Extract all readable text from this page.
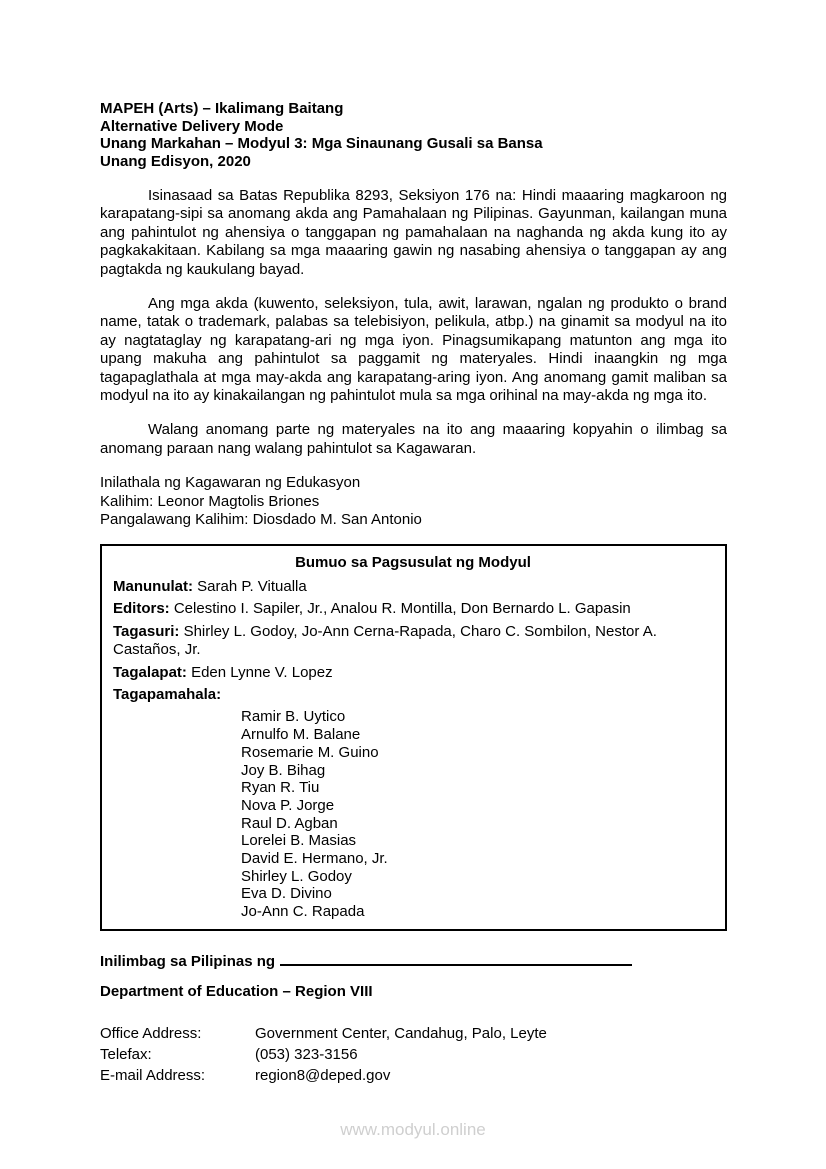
MAPEH (Arts) – Ikalimang Baitang
Alternative Delivery Mode
Unang Markahan – Modyul 3: Mga Sinaunang Gusali sa Bansa
Unang Edisyon, 2020

Isinasaad sa Batas Republika 8293, Seksiyon 176 na: Hindi maaaring magkaroon ng karapatang-sipi sa anomang akda ang Pamahalaan ng Pilipinas. Gayunman, kailangan muna ang pahintulot ng ahensiya o tanggapan ng pamahalaan na naghanda ng akda kung ito ay pagkakakitaan. Kabilang sa mga maaaring gawin ng nasabing ahensiya o tanggapan ay ang pagtakda ng kaukulang bayad.

Ang mga akda (kuwento, seleksiyon, tula, awit, larawan, ngalan ng produkto o brand name, tatak o trademark, palabas sa telebisiyon, pelikula, atbp.) na ginamit sa modyul na ito ay nagtataglay ng karapatang-ari ng mga iyon. Pinagsumikapang matunton ang mga ito upang makuha ang pahintulot sa paggamit ng materyales. Hindi inaangkin ng mga tagapaglathala at mga may-akda ang karapatang-aring iyon. Ang anomang gamit maliban sa modyul na ito ay kinakailangan ng pahintulot mula sa mga orihinal na may-akda ng mga ito.

Walang anomang parte ng materyales na ito ang maaaring kopyahin o ilimbag sa anomang paraan nang walang pahintulot sa Kagawaran.

Inilathala ng Kagawaran ng Edukasyon
Kalihim: Leonor Magtolis Briones
Pangalawang Kalihim: Diosdado M. San Antonio
Bumuo sa Pagsusulat ng Modyul
Manunulat: Sarah P. Vitualla
Editors: Celestino I. Sapiler, Jr., Analou R. Montilla, Don Bernardo L. Gapasin
Tagasuri: Shirley L. Godoy, Jo-Ann Cerna-Rapada, Charo C. Sombilon, Nestor A. Castaños, Jr.
Tagalapat: Eden Lynne V. Lopez
Tagapamahala:
Ramir B. Uytico
Arnulfo M. Balane
Rosemarie M. Guino
Joy B. Bihag
Ryan R. Tiu
Nova P. Jorge
Raul D. Agban
Lorelei B. Masias
David E. Hermano, Jr.
Shirley L. Godoy
Eva D. Divino
Jo-Ann C. Rapada
Inilimbag sa Pilipinas ng
Department of Education – Region VIII
Office Address:	Government Center, Candahug, Palo, Leyte
Telefax:	(053) 323-3156
E-mail Address:	region8@deped.gov
www.modyul.online
